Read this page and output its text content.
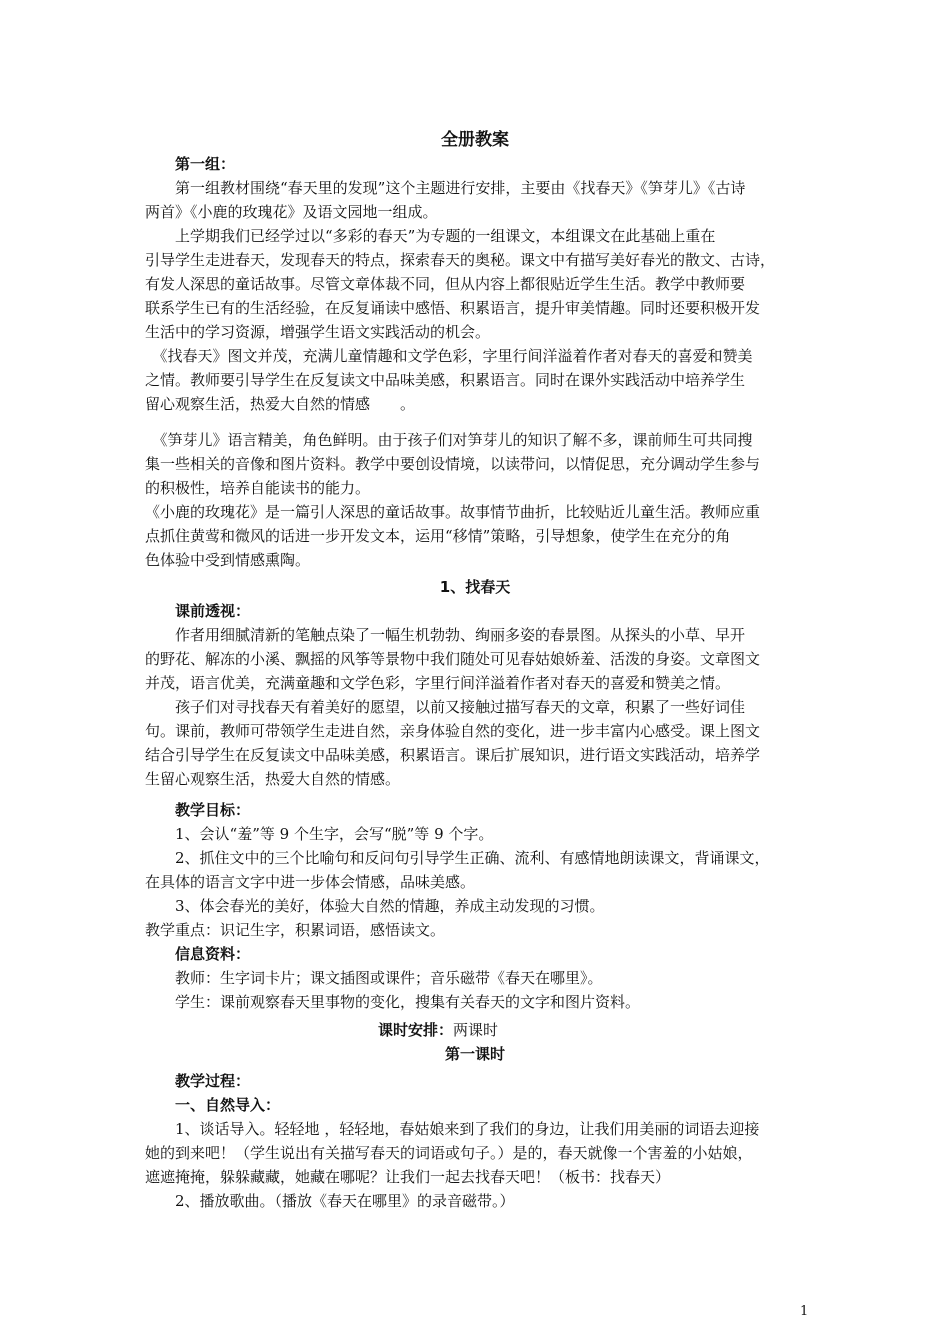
全册教案
第一组：
　　第一组教材围绕“春天里的发现”这个主题进行安排，主要由《找春天》《笋芽儿》《古诗
两首》《小鹿的玫瑰花》及语文园地一组成。
　　上学期我们已经学过以“多彩的春天”为专题的一组课文，本组课文在此基础上重在
引导学生走进春天，发现春天的特点，探索春天的奥秘。课文中有描写美好春光的散文、古诗，
有发人深思的童话故事。尽管文章体裁不同，但从内容上都很贴近学生生活。教学中教师要
联系学生已有的生活经验，在反复诵读中感悟、积累语言，提升审美情趣。同时还要积极开发
生活中的学习资源，增强学生语文实践活动的机会。
　《找春天》图文并茂，充满儿童情趣和文学色彩，字里行间洋溢着作者对春天的喜爱和赞美
之情。教师要引导学生在反复读文中品味美感，积累语言。同时在课外实践活动中培养学生
留心观察生活，热爱大自然的情感　　。
　《笋芽儿》语言精美，角色鲜明。由于孩子们对笋芽儿的知识了解不多，课前师生可共同搜
集一些相关的音像和图片资料。教学中要创设情境，以读带问，以情促思，充分调动学生参与
的积极性，培养自能读书的能力。
《小鹿的玫瑰花》是一篇引人深思的童话故事。故事情节曲折，比较贴近儿童生活。教师应重
点抓住黄莺和微风的话进一步开发文本，运用“移情”策略，引导想象，使学生在充分的角
色体验中受到情感熏陶。
1、找春天
课前透视：
　　作者用细腻清新的笔触点染了一幅生机勃勃、绚丽多姿的春景图。从探头的小草、早开
的野花、解冻的小溪、飘摇的风筝等景物中我们随处可见春姑娘娇羞、活泼的身姿。文章图文
并茂，语言优美，充满童趣和文学色彩，字里行间洋溢着作者对春天的喜爱和赞美之情。
　　孩子们对寻找春天有着美好的愿望，以前又接触过描写春天的文章，积累了一些好词佳
句。课前，教师可带领学生走进自然，亲身体验自然的变化，进一步丰富内心感受。课上图文
结合引导学生在反复读文中品味美感，积累语言。课后扩展知识，进行语文实践活动，培养学
生留心观察生活，热爱大自然的情感。
教学目标：
　　1、会认“羞”等 9 个生字，会写“脱”等 9 个字。
　　2、抓住文中的三个比喻句和反问句引导学生正确、流利、有感情地朗读课文，背诵课文，
在具体的语言文字中进一步体会情感，品味美感。
　　3、体会春光的美好，体验大自然的情趣，养成主动发现的习惯。
教学重点：识记生字，积累词语，感悟读文。
信息资料：
　　教师：生字词卡片；课文插图或课件；音乐磁带《春天在哪里》。
　　学生：课前观察春天里事物的变化，搜集有关春天的文字和图片资料。
课时安排：两课时
第一课时
教学过程：
一、自然导入：
　　1、谈话导入。轻轻地 ，轻轻地，春姑娘来到了我们的身边，让我们用美丽的词语去迎接
她的到来吧！（学生说出有关描写春天的词语或句子。）是的，春天就像一个害羞的小姑娘，
遮遮掩掩，躲躲藏藏，她藏在哪呢？让我们一起去找春天吧！（板书：找春天）
　　2、播放歌曲。（播放《春天在哪里》的录音磁带。）
1
